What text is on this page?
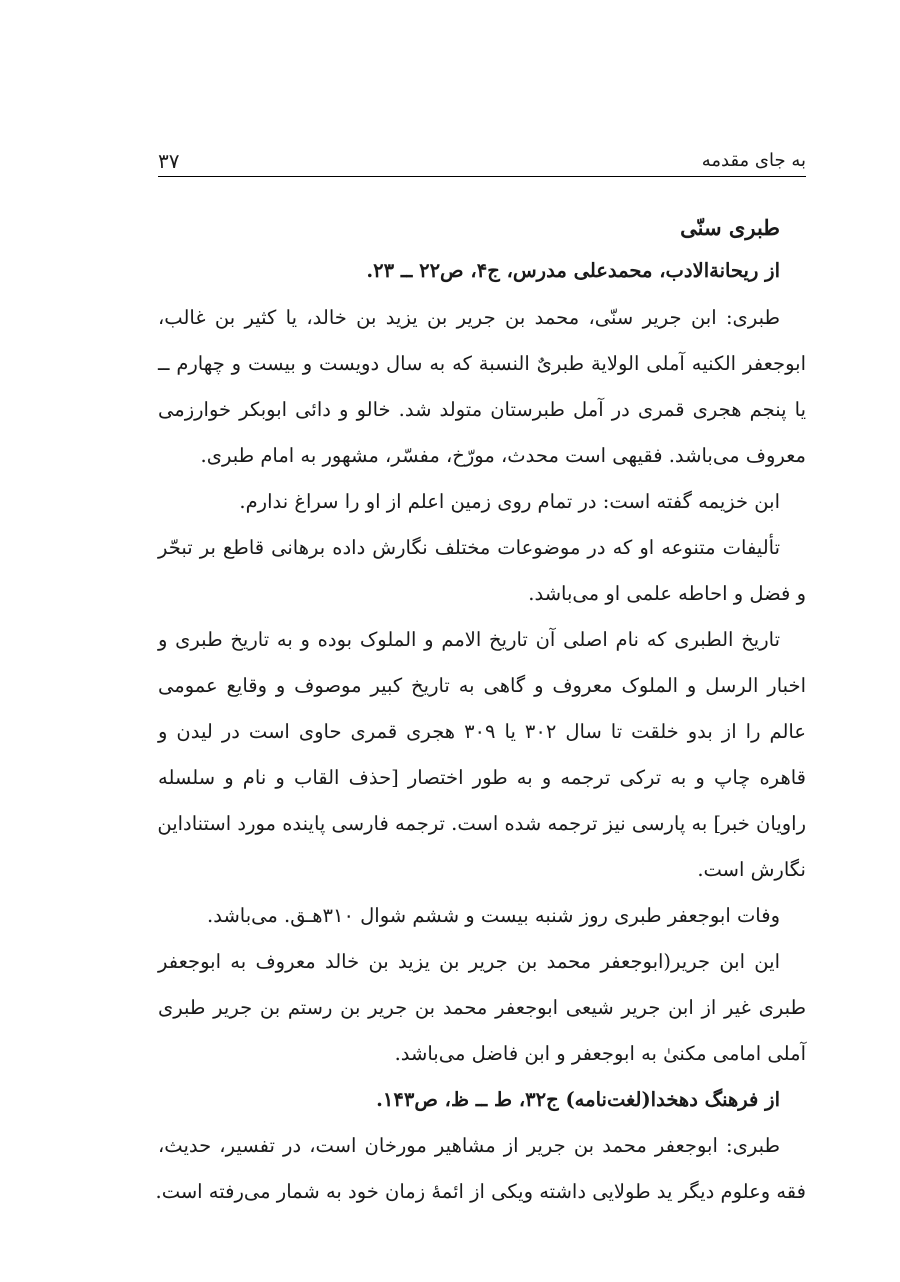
به جای مقدمه
۳۷
طبری سنّی
از ریحانة‌الادب، محمدعلی مدرس، ج۴، ص۲۲ ــ ۲۳.
طبری: ابن جریر سنّی، محمد بن جریر بن یزید بن خالد، یا کثیر بن غالب،
ابوجعفر الکنیه آملی الولایة طبریٌ النسبة که به سال دویست و بیست و چهارم ــ
یا پنجم هجری قمری در آمل طبرستان متولد شد. خالو و دائی ابوبکر خوارزمی
معروف می‌باشد. فقیهی است محدث، مورّخ، مفسّر، مشهور به امام طبری.
ابن خزیمه گفته است: در تمام روی زمین اعلم از او را سراغ ندارم.
تألیفات متنوعه او که در موضوعات مختلف نگارش داده برهانی قاطع بر تبحّر
و فضل و احاطه علمی او می‌باشد.
تاریخ الطبری که نام اصلی آن تاریخ الامم و الملوک بوده و به تاریخ طبری و
اخبار الرسل و الملوک معروف و گاهی به تاریخ کبیر موصوف و وقایع عمومی
عالم را از بدو خلقت تا سال ۳۰۲ یا ۳۰۹ هجری قمری حاوی است در لیدن و
قاهره چاپ و به ترکی ترجمه و به طور اختصار [حذف القاب و نام و سلسله
راویان خبر] به پارسی نیز ترجمه شده است. ترجمه فارسی پاینده مورد استناداین
نگارش است.
وفات ابوجعفر طبری روز شنبه بیست و ششم شوال ۳۱۰هـق. می‌باشد.
این ابن جریر(ابوجعفر محمد بن جریر بن یزید بن خالد معروف به ابوجعفر
طبری غیر از ابن جریر شیعی ابوجعفر محمد بن جریر بن رستم بن جریر طبری
آملی امامی مکنیٰ به ابوجعفر و ابن فاضل می‌باشد.
از فرهنگ دهخدا(لغت‌نامه) ج۳۲، ط ــ ظ، ص۱۴۳.
طبری: ابوجعفر محمد بن جریر از مشاهیر مورخان است، در تفسیر، حدیث،
فقه وعلوم دیگر ید طولایی داشته ویکی از ائمهٔ زمان خود به شمار می‌رفته است.
